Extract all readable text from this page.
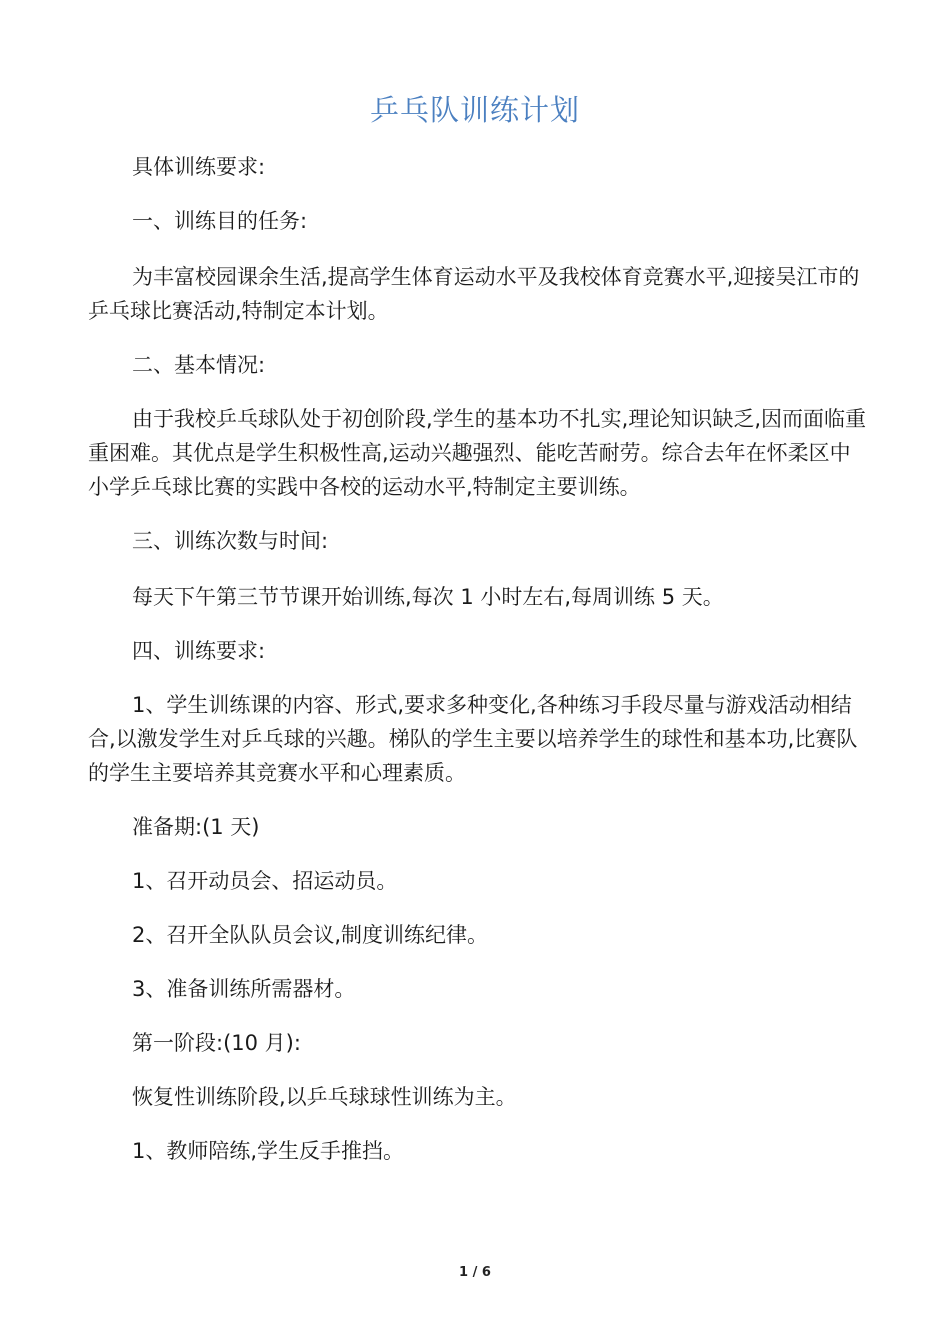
乒乓队训练计划

具体训练要求:

一、训练目的任务:

为丰富校园课余生活,提高学生体育运动水平及我校体育竞赛水平,迎接吴江市的乒乓球比赛活动,特制定本计划。

二、基本情况:

由于我校乒乓球队处于初创阶段,学生的基本功不扎实,理论知识缺乏,因而面临重重困难。其优点是学生积极性高,运动兴趣强烈、能吃苦耐劳。综合去年在怀柔区中小学乒乓球比赛的实践中各校的运动水平,特制定主要训练。

三、训练次数与时间:

每天下午第三节节课开始训练,每次 1 小时左右,每周训练 5 天。

四、训练要求:

1、学生训练课的内容、形式,要求多种变化,各种练习手段尽量与游戏活动相结合,以激发学生对乒乓球的兴趣。梯队的学生主要以培养学生的球性和基本功,比赛队的学生主要培养其竞赛水平和心理素质。

准备期:(1 天)

1、召开动员会、招运动员。

2、召开全队队员会议,制度训练纪律。

3、准备训练所需器材。

第一阶段:(10 月):

恢复性训练阶段,以乒乓球球性训练为主。

1、教师陪练,学生反手推挡。

1 / 6
